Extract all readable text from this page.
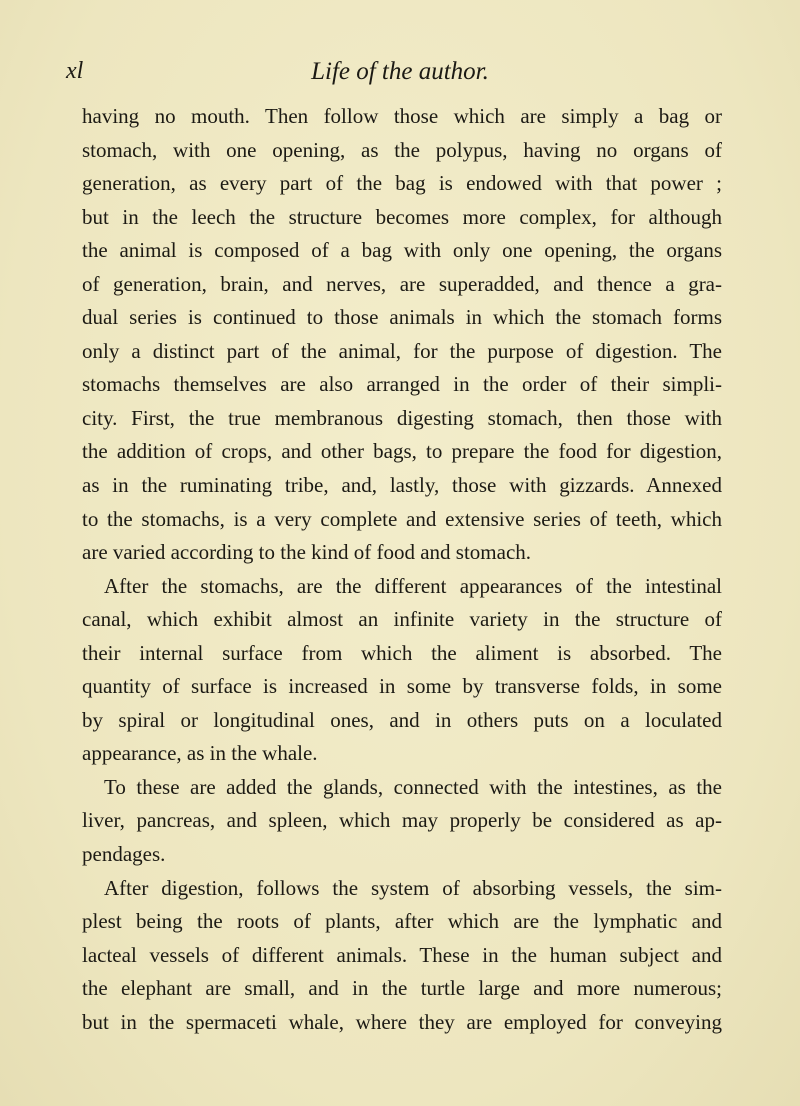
xl	Life of the author.
having no mouth. Then follow those which are simply a bag or
stomach, with one opening, as the polypus, having no organs of
generation, as every part of the bag is endowed with that power ;
but in the leech the structure becomes more complex, for although
the animal is composed of a bag with only one opening, the organs
of generation, brain, and nerves, are superadded, and thence a gra-
dual series is continued to those animals in which the stomach forms
only a distinct part of the animal, for the purpose of digestion. The
stomachs themselves are also arranged in the order of their simpli-
city. First, the true membranous digesting stomach, then those with
the addition of crops, and other bags, to prepare the food for digestion,
as in the ruminating tribe, and, lastly, those with gizzards. Annexed
to the stomachs, is a very complete and extensive series of teeth, which
are varied according to the kind of food and stomach.
After the stomachs, are the different appearances of the intestinal
canal, which exhibit almost an infinite variety in the structure of
their internal surface from which the aliment is absorbed. The
quantity of surface is increased in some by transverse folds, in some
by spiral or longitudinal ones, and in others puts on a loculated
appearance, as in the whale.
To these are added the glands, connected with the intestines, as the
liver, pancreas, and spleen, which may properly be considered as ap-
pendages.
After digestion, follows the system of absorbing vessels, the sim-
plest being the roots of plants, after which are the lymphatic and
lacteal vessels of different animals. These in the human subject and
the elephant are small, and in the turtle large and more numerous;
but in the spermaceti whale, where they are employed for conveying
